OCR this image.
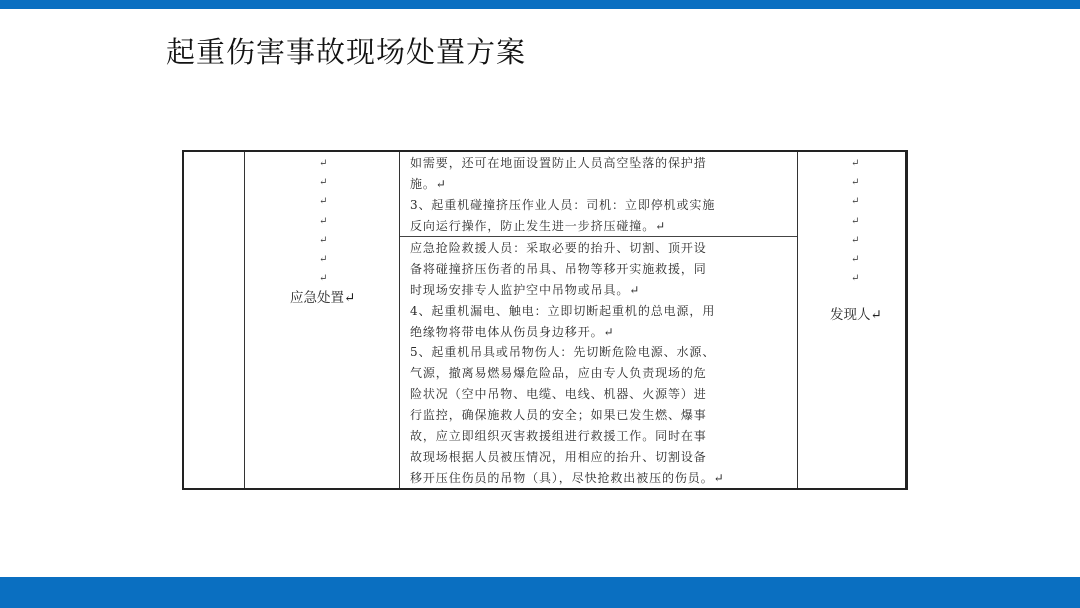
起重伤害事故现场处置方案
↵
↵
↵
↵
↵
↵
↵
应急处置↵
↵
↵
↵
↵
↵
↵
↵
发现人↵
如需要，还可在地面设置防止人员高空坠落的保护措
施。↵
3、起重机碰撞挤压作业人员：司机：立即停机或实施
反向运行操作，防止发生进一步挤压碰撞。↵
应急抢险救援人员：采取必要的抬升、切割、顶开设
备将碰撞挤压伤者的吊具、吊物等移开实施救援，同
时现场安排专人监护空中吊物或吊具。↵
4、起重机漏电、触电：立即切断起重机的总电源，用
绝缘物将带电体从伤员身边移开。↵
5、起重机吊具或吊物伤人：先切断危险电源、水源、
气源，撤离易燃易爆危险品，应由专人负责现场的危
险状况（空中吊物、电缆、电线、机器、火源等）进
行监控，确保施救人员的安全；如果已发生燃、爆事
故，应立即组织灭害救援组进行救援工作。同时在事
故现场根据人员被压情况，用相应的抬升、切割设备
移开压住伤员的吊物（具），尽快抢救出被压的伤员。↵
